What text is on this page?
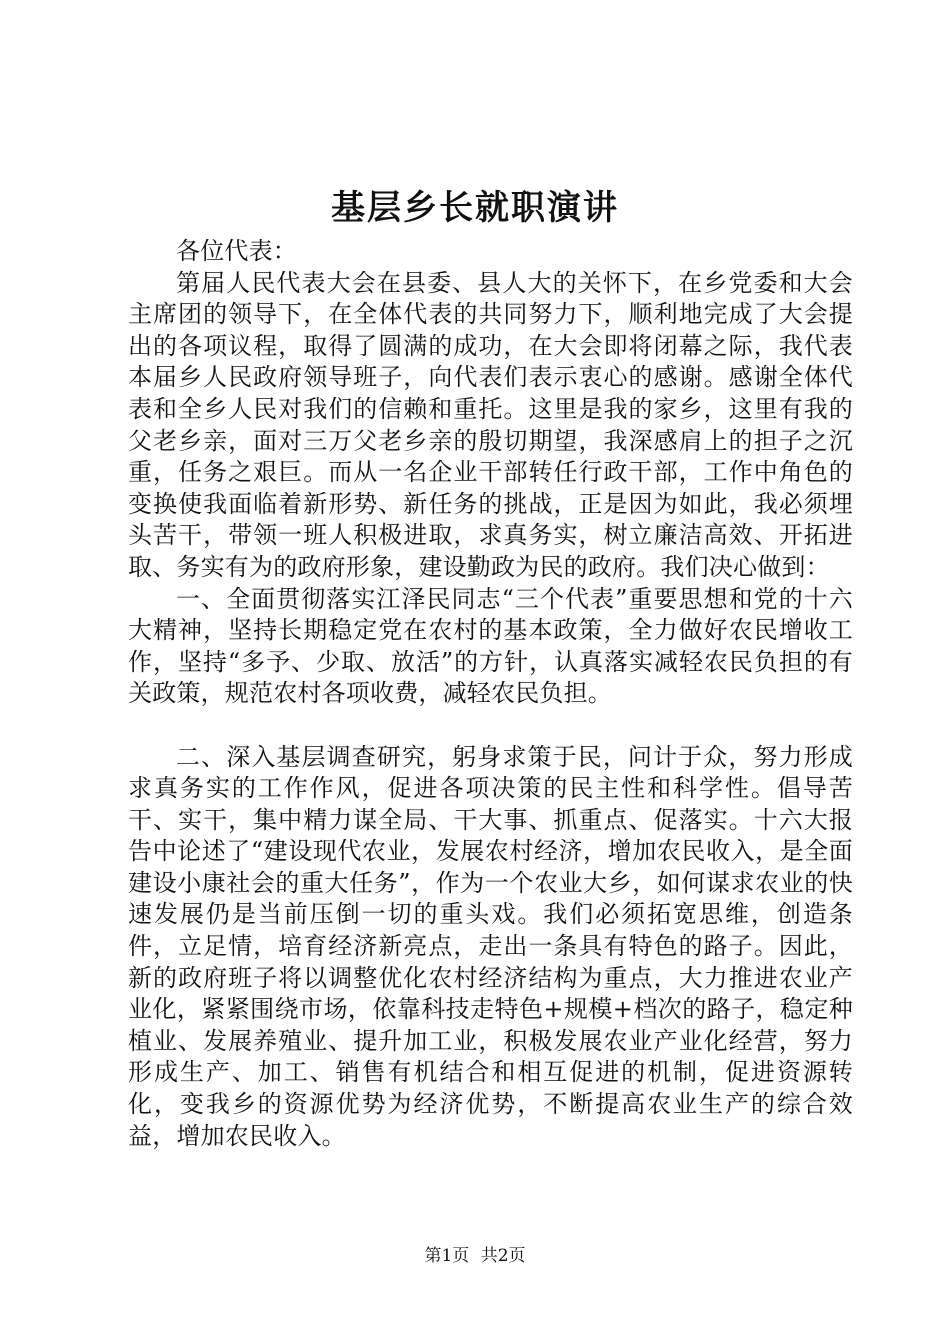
基层乡长就职演讲

各位代表：

第届人民代表大会在县委、县人大的关怀下，在乡党委和大会主席团的领导下，在全体代表的共同努力下，顺利地完成了大会提出的各项议程，取得了圆满的成功，在大会即将闭幕之际，我代表本届乡人民政府领导班子，向代表们表示衷心的感谢。感谢全体代表和全乡人民对我们的信赖和重托。这里是我的家乡，这里有我的父老乡亲，面对三万父老乡亲的殷切期望，我深感肩上的担子之沉重，任务之艰巨。而从一名企业干部转任行政干部，工作中角色的变换使我面临着新形势、新任务的挑战，正是因为如此，我必须埋头苦干，带领一班人积极进取，求真务实，树立廉洁高效、开拓进取、务实有为的政府形象，建设勤政为民的政府。我们决心做到：

一、全面贯彻落实江泽民同志“三个代表”重要思想和党的十六大精神，坚持长期稳定党在农村的基本政策，全力做好农民增收工作，坚持“多予、少取、放活”的方针，认真落实减轻农民负担的有关政策，规范农村各项收费，减轻农民负担。

二、深入基层调查研究，躬身求策于民，问计于众，努力形成求真务实的工作作风，促进各项决策的民主性和科学性。倡导苦干、实干，集中精力谋全局、干大事、抓重点、促落实。十六大报告中论述了“建设现代农业，发展农村经济，增加农民收入，是全面建设小康社会的重大任务”，作为一个农业大乡，如何谋求农业的快速发展仍是当前压倒一切的重头戏。我们必须拓宽思维，创造条件，立足情，培育经济新亮点，走出一条具有特色的路子。因此，新的政府班子将以调整优化农村经济结构为重点，大力推进农业产业化，紧紧围绕市场，依靠科技走特色+规模+档次的路子，稳定种植业、发展养殖业、提升加工业，积极发展农业产业化经营，努力形成生产、加工、销售有机结合和相互促进的机制，促进资源转化，变我乡的资源优势为经济优势，不断提高农业生产的综合效益，增加农民收入。

第1页 共2页
